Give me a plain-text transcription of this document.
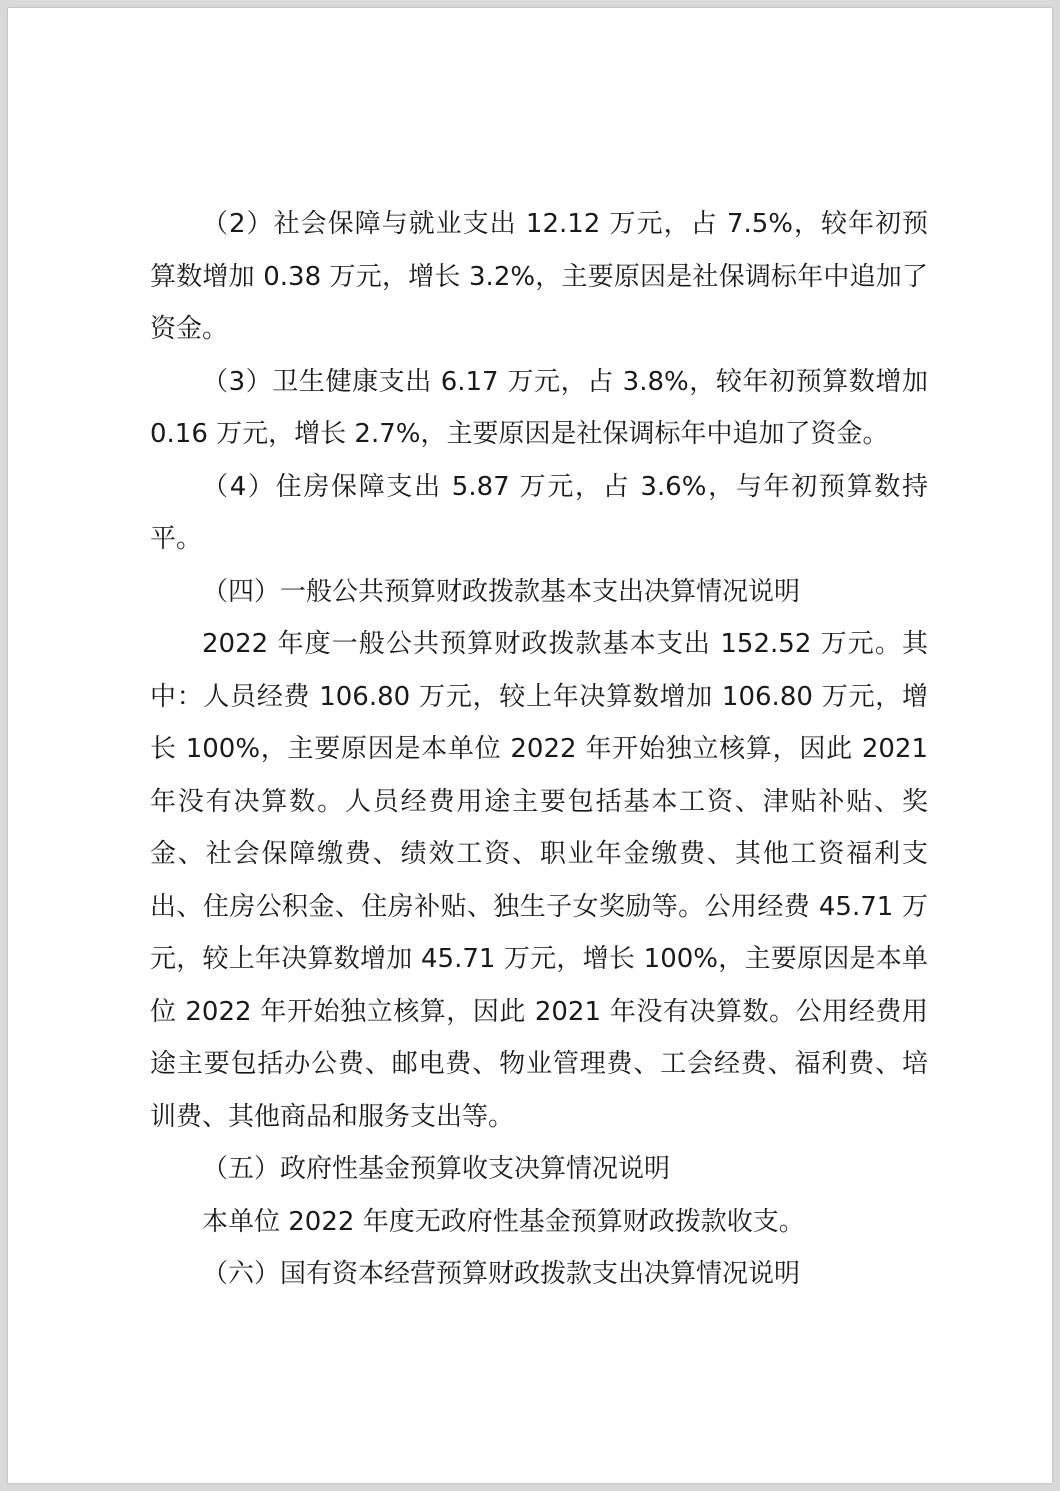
（2）社会保障与就业支出 12.12 万元，占 7.5%，较年初预算数增加 0.38 万元，增长 3.2%，主要原因是社保调标年中追加了资金。

（3）卫生健康支出 6.17 万元，占 3.8%，较年初预算数增加 0.16 万元，增长 2.7%，主要原因是社保调标年中追加了资金。

（4）住房保障支出 5.87 万元，占 3.6%，与年初预算数持平。

（四）一般公共预算财政拨款基本支出决算情况说明

2022 年度一般公共预算财政拨款基本支出 152.52 万元。其中：人员经费 106.80 万元，较上年决算数增加 106.80 万元，增长 100%，主要原因是本单位 2022 年开始独立核算，因此 2021 年没有决算数。人员经费用途主要包括基本工资、津贴补贴、奖金、社会保障缴费、绩效工资、职业年金缴费、其他工资福利支出、住房公积金、住房补贴、独生子女奖励等。公用经费 45.71 万元，较上年决算数增加 45.71 万元，增长 100%，主要原因是本单位 2022 年开始独立核算，因此 2021 年没有决算数。公用经费用途主要包括办公费、邮电费、物业管理费、工会经费、福利费、培训费、其他商品和服务支出等。

（五）政府性基金预算收支决算情况说明

本单位 2022 年度无政府性基金预算财政拨款收支。

（六）国有资本经营预算财政拨款支出决算情况说明
